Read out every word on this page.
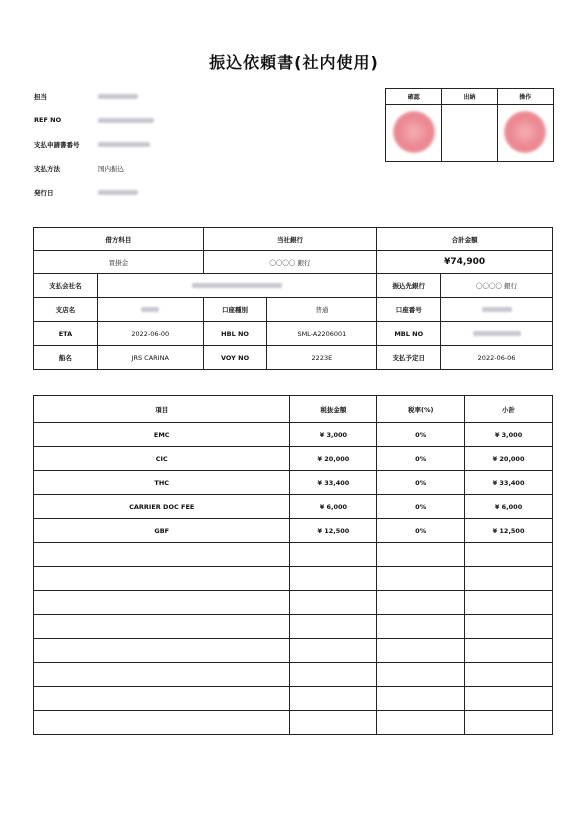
振込依頼書(社内使用)
担当
REF NO
支払申請書番号
支払方法	国内振込
発行日
確認	出納	操作

借方科目		当社銀行		合計金額	
買掛金		〇〇〇〇 銀行		¥74,900	
支払会社名				振込先銀行	〇〇〇〇 銀行
支店名		口座種別	普通	口座番号	
ETA	2022-06-00	HBL NO	SML-A2206001	MBL NO	
船名	JRS CARINA	VOY NO	2223E	支払予定日	2022-06-06
項目	税抜金額	税率(%)	小計
EMC	¥ 3,000	0%	¥ 3,000
CIC	¥ 20,000	0%	¥ 20,000
THC	¥ 33,400	0%	¥ 33,400
CARRIER DOC FEE	¥ 6,000	0%	¥ 6,000
GBF	¥ 12,500	0%	¥ 12,500
